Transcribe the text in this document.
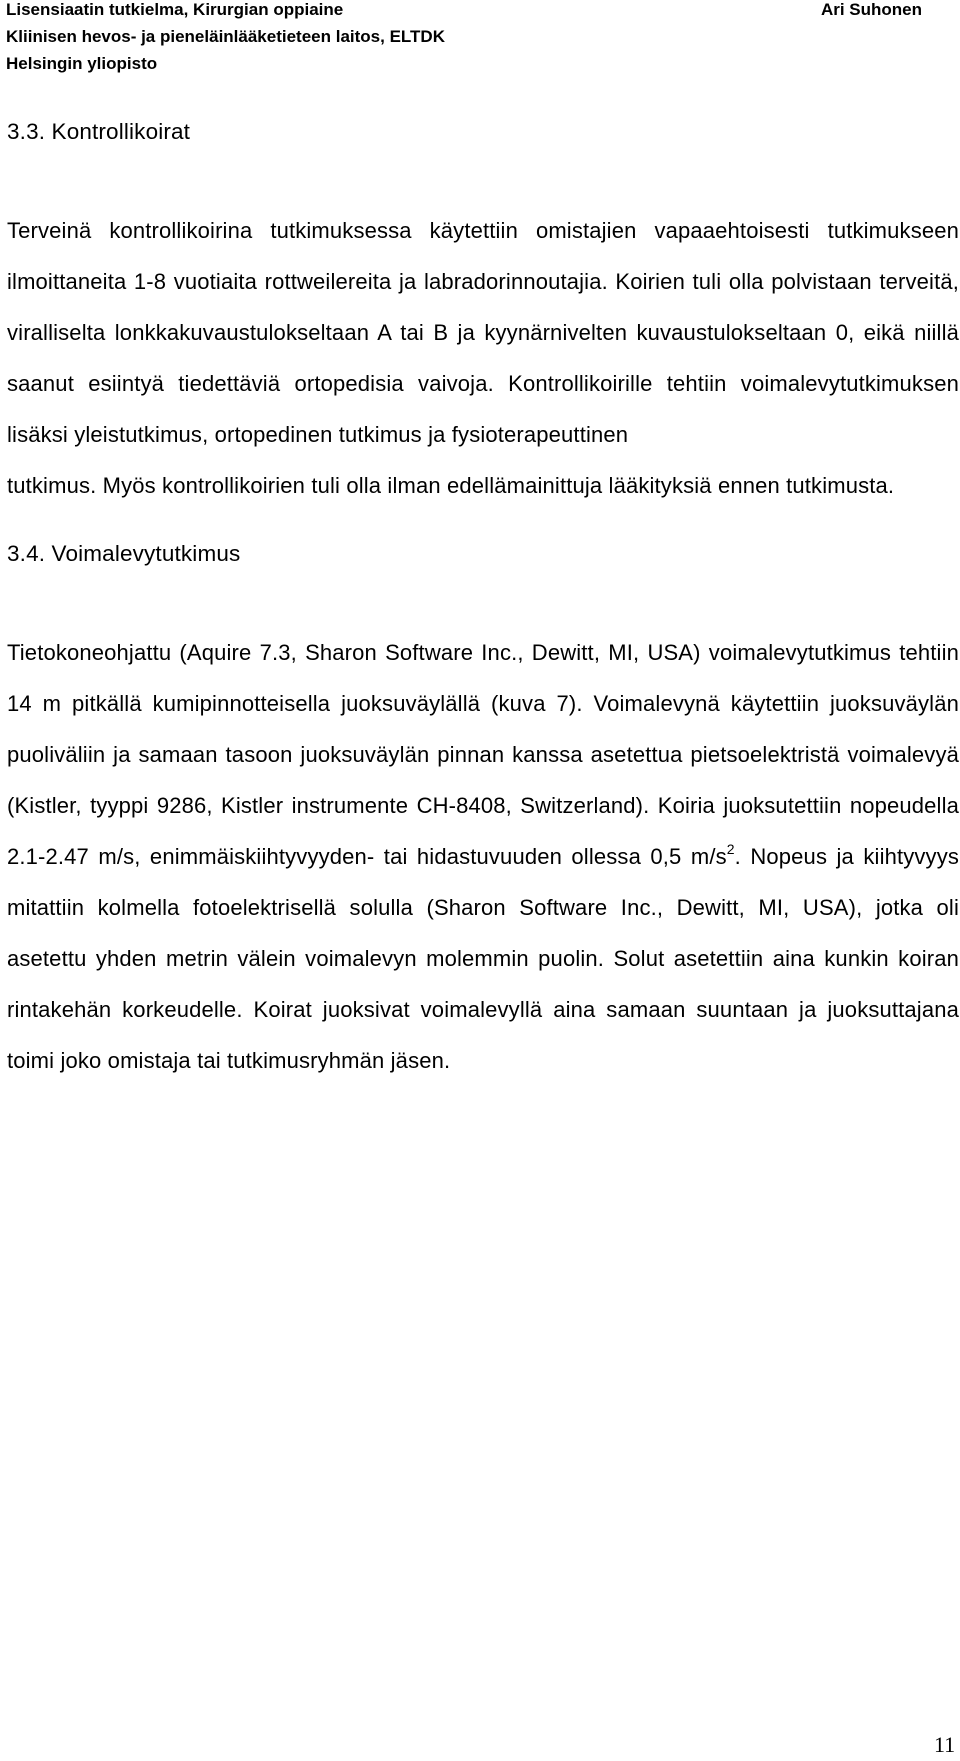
Lisensiaatin tutkielma, Kirurgian oppiaine
Kliinisen hevos- ja pieneläinlääketieteen laitos, ELTDK
Helsingin yliopisto
Ari Suhonen
3.3. Kontrollikoirat

Terveinä kontrollikoirina tutkimuksessa käytettiin omistajien vapaaehtoisesti tutkimukseen ilmoittaneita 1-8 vuotiaita rottweilereita ja labradorinnoutajia. Koirien tuli olla polvistaan terveitä, viralliselta lonkkakuvaustulokseltaan A tai B ja kyynärnivelten kuvaustulokseltaan 0, eikä niillä saanut esiintyä tiedettäviä ortopedisia vaivoja. Kontrollikoirille tehtiin voimalevytutkimuksen lisäksi yleistutkimus, ortopedinen tutkimus ja fysioterapeuttinen
tutkimus. Myös kontrollikoirien tuli olla ilman edellämainittuja lääkityksiä ennen tutkimusta.

3.4. Voimalevytutkimus

Tietokoneohjattu (Aquire 7.3, Sharon Software Inc., Dewitt, MI, USA) voimalevytutkimus tehtiin 14 m pitkällä kumipinnotteisella juoksuväylällä (kuva 7). Voimalevynä käytettiin juoksuväylän puoliväliin ja samaan tasoon juoksuväylän pinnan kanssa asetettua pietsoelektristä voimalevyä (Kistler, tyyppi 9286, Kistler instrumente CH-8408, Switzerland). Koiria juoksutettiin nopeudella 2.1-2.47 m/s, enimmäiskiihtyvyyden- tai hidastuvuuden ollessa 0,5 $m/s^2$. Nopeus ja kiihtyvyys mitattiin kolmella fotoelektrisellä solulla (Sharon Software Inc., Dewitt, MI, USA), jotka oli asetettu yhden metrin välein voimalevyn molemmin puolin. Solut asetettiin aina kunkin koiran rintakehän korkeudelle. Koirat juoksivat voimalevyllä aina samaan suuntaan ja juoksuttajana toimi joko omistaja tai tutkimusryhmän jäsen.

11
